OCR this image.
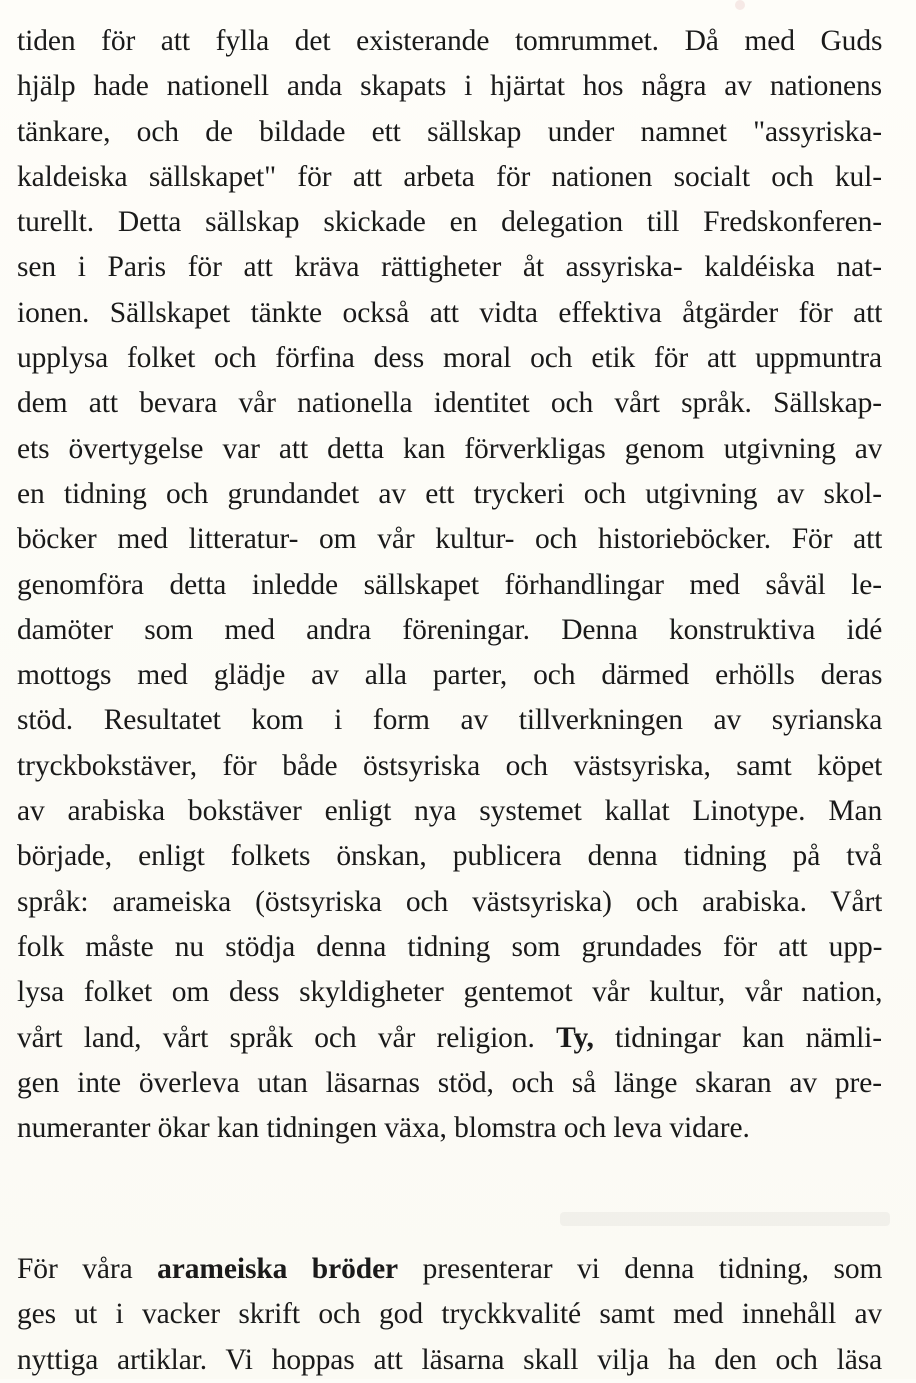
tiden för att fylla det existerande tomrummet. Då med Guds
hjälp hade nationell anda skapats i hjärtat hos några av nationens
tänkare, och de bildade ett sällskap under namnet "assyriska-
kaldeiska sällskapet" för att arbeta för nationen socialt och kul-
turellt. Detta sällskap skickade en delegation till Fredskonferen-
sen i Paris för att kräva rättigheter åt assyriska- kaldéiska nat-
ionen. Sällskapet tänkte också att vidta effektiva åtgärder för att
upplysa folket och förfina dess moral och etik för att uppmuntra
dem att bevara vår nationella identitet och vårt språk. Sällskap-
ets övertygelse var att detta kan förverkligas genom utgivning av
en tidning och grundandet av ett tryckeri och utgivning av skol-
böcker med litteratur- om vår kultur- och historieböcker. För att
genomföra detta inledde sällskapet förhandlingar med såväl le-
damöter som med andra föreningar. Denna konstruktiva idé
mottogs med glädje av alla parter, och därmed erhölls deras
stöd. Resultatet kom i form av tillverkningen av syrianska
tryckbokstäver, för både östsyriska och västsyriska, samt köpet
av arabiska bokstäver enligt nya systemet kallat Linotype. Man
började, enligt folkets önskan, publicera denna tidning på två
språk: arameiska (östsyriska och västsyriska) och arabiska. Vårt
folk måste nu stödja denna tidning som grundades för att upp-
lysa folket om dess skyldigheter gentemot vår kultur, vår nation,
vårt land, vårt språk och vår religion. Ty, tidningar kan nämli-
gen inte överleva utan läsarnas stöd, och så länge skaran av pre-
numeranter ökar kan tidningen växa, blomstra och leva vidare.
För våra arameiska bröder presenterar vi denna tidning, som
ges ut i vacker skrift och god tryckkvalité samt med innehåll av
nyttiga artiklar. Vi hoppas att läsarna skall vilja ha den och läsa
